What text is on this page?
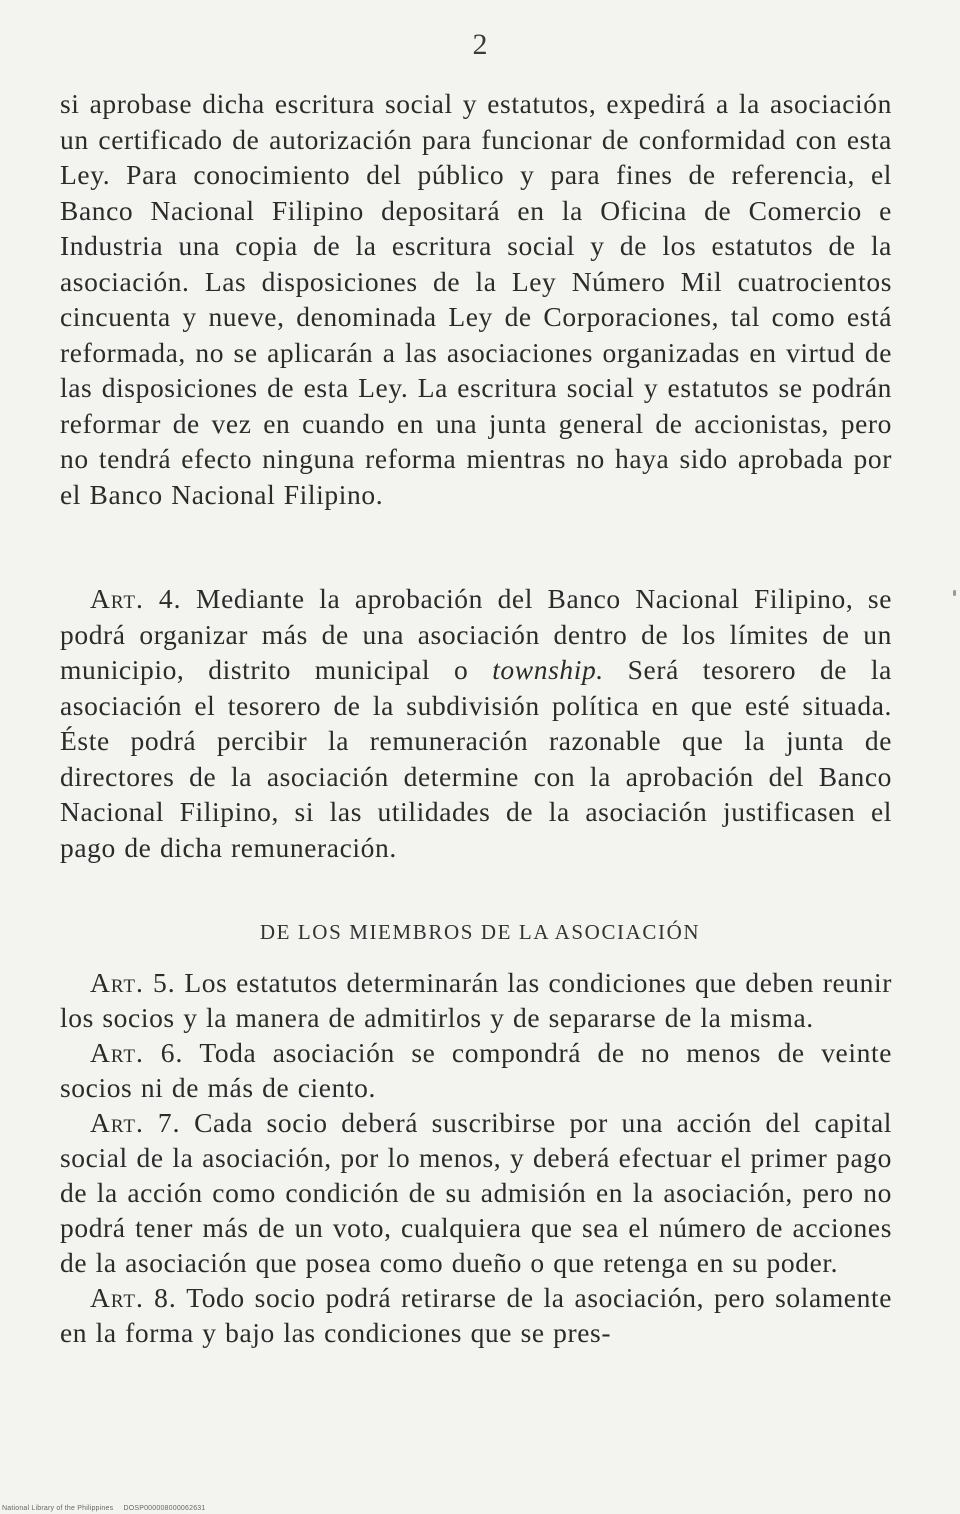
2

si aprobase dicha escritura social y estatutos, expedirá a la asociación un certificado de autorización para funcionar de conformidad con esta Ley. Para conocimiento del público y para fines de referencia, el Banco Nacional Filipino depositará en la Oficina de Comercio e Industria una copia de la escritura social y de los estatutos de la asociación. Las disposiciones de la Ley Número Mil cuatrocientos cincuenta y nueve, denominada Ley de Corporaciones, tal como está reformada, no se aplicarán a las asociaciones organizadas en virtud de las disposiciones de esta Ley. La escritura social y estatutos se podrán reformar de vez en cuando en una junta general de accionistas, pero no tendrá efecto ninguna reforma mientras no haya sido aprobada por el Banco Nacional Filipino.

Art. 4. Mediante la aprobación del Banco Nacional Filipino, se podrá organizar más de una asociación dentro de los límites de un municipio, distrito municipal o township. Será tesorero de la asociación el tesorero de la subdivisión política en que esté situada. Éste podrá percibir la remuneración razonable que la junta de directores de la asociación determine con la aprobación del Banco Nacional Filipino, si las utilidades de la asociación justificasen el pago de dicha remuneración.

DE LOS MIEMBROS DE LA ASOCIACIÓN

Art. 5. Los estatutos determinarán las condiciones que deben reunir los socios y la manera de admitirlos y de separarse de la misma.

Art. 6. Toda asociación se compondrá de no menos de veinte socios ni de más de ciento.

Art. 7. Cada socio deberá suscribirse por una acción del capital social de la asociación, por lo menos, y deberá efectuar el primer pago de la acción como condición de su admisión en la asociación, pero no podrá tener más de un voto, cualquiera que sea el número de acciones de la asociación que posea como dueño o que retenga en su poder.

Art. 8. Todo socio podrá retirarse de la asociación, pero solamente en la forma y bajo las condiciones que se pres-

National Library of the Philippines DOSP000008000062631
